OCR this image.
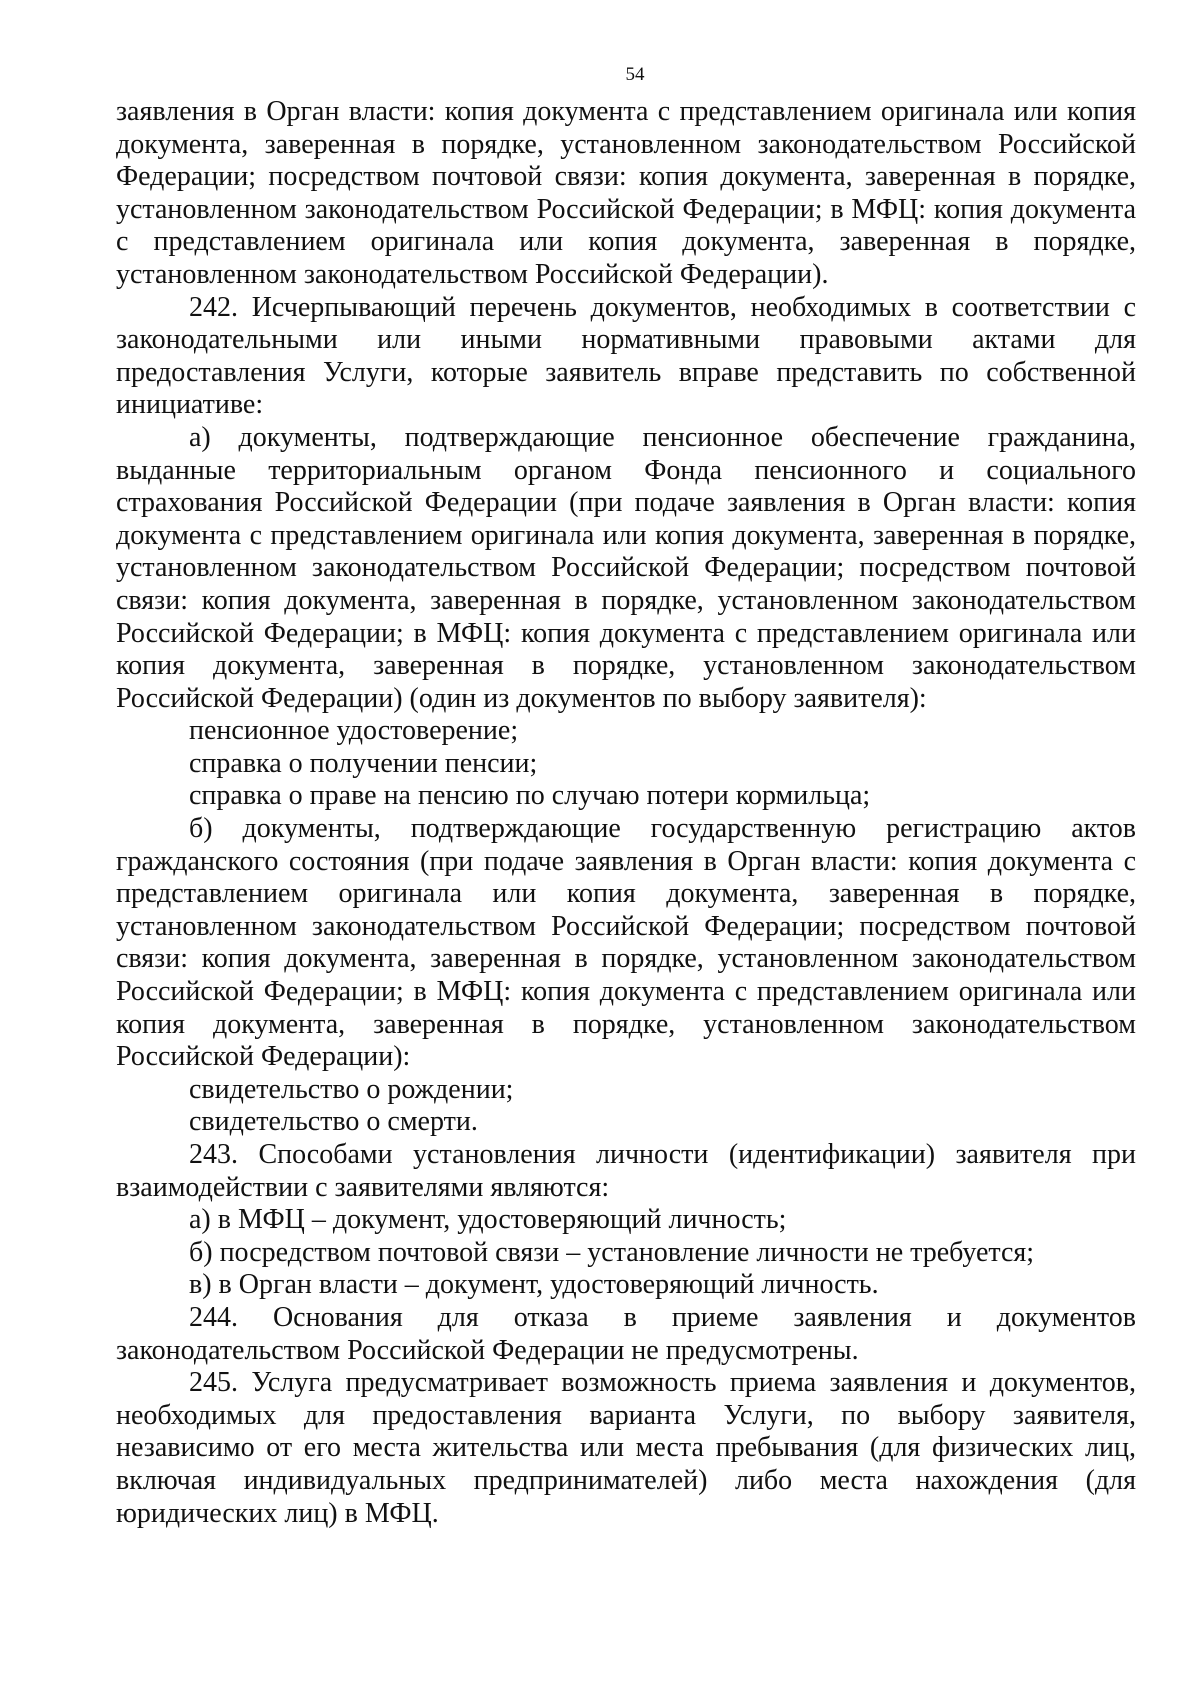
54

заявления в Орган власти: копия документа с представлением оригинала или копия документа, заверенная в порядке, установленном законодательством Российской Федерации; посредством почтовой связи: копия документа, заверенная в порядке, установленном законодательством Российской Федерации; в МФЦ: копия документа с представлением оригинала или копия документа, заверенная в порядке, установленном законодательством Российской Федерации).

242. Исчерпывающий перечень документов, необходимых в соответствии с законодательными или иными нормативными правовыми актами для предоставления Услуги, которые заявитель вправе представить по собственной инициативе:

а) документы, подтверждающие пенсионное обеспечение гражданина, выданные территориальным органом Фонда пенсионного и социального страхования Российской Федерации (при подаче заявления в Орган власти: копия документа с представлением оригинала или копия документа, заверенная в порядке, установленном законодательством Российской Федерации; посредством почтовой связи: копия документа, заверенная в порядке, установленном законодательством Российской Федерации; в МФЦ: копия документа с представлением оригинала или копия документа, заверенная в порядке, установленном законодательством Российской Федерации) (один из документов по выбору заявителя):

пенсионное удостоверение;

справка о получении пенсии;

справка о праве на пенсию по случаю потери кормильца;

б) документы, подтверждающие государственную регистрацию актов гражданского состояния (при подаче заявления в Орган власти: копия документа с представлением оригинала или копия документа, заверенная в порядке, установленном законодательством Российской Федерации; посредством почтовой связи: копия документа, заверенная в порядке, установленном законодательством Российской Федерации; в МФЦ: копия документа с представлением оригинала или копия документа, заверенная в порядке, установленном законодательством Российской Федерации):

свидетельство о рождении;

свидетельство о смерти.

243. Способами установления личности (идентификации) заявителя при взаимодействии с заявителями являются:

а) в МФЦ – документ, удостоверяющий личность;

б) посредством почтовой связи – установление личности не требуется;

в) в Орган власти – документ, удостоверяющий личность.

244. Основания для отказа в приеме заявления и документов законодательством Российской Федерации не предусмотрены.

245. Услуга предусматривает возможность приема заявления и документов, необходимых для предоставления варианта Услуги, по выбору заявителя, независимо от его места жительства или места пребывания (для физических лиц, включая индивидуальных предпринимателей) либо места нахождения (для юридических лиц) в МФЦ.
